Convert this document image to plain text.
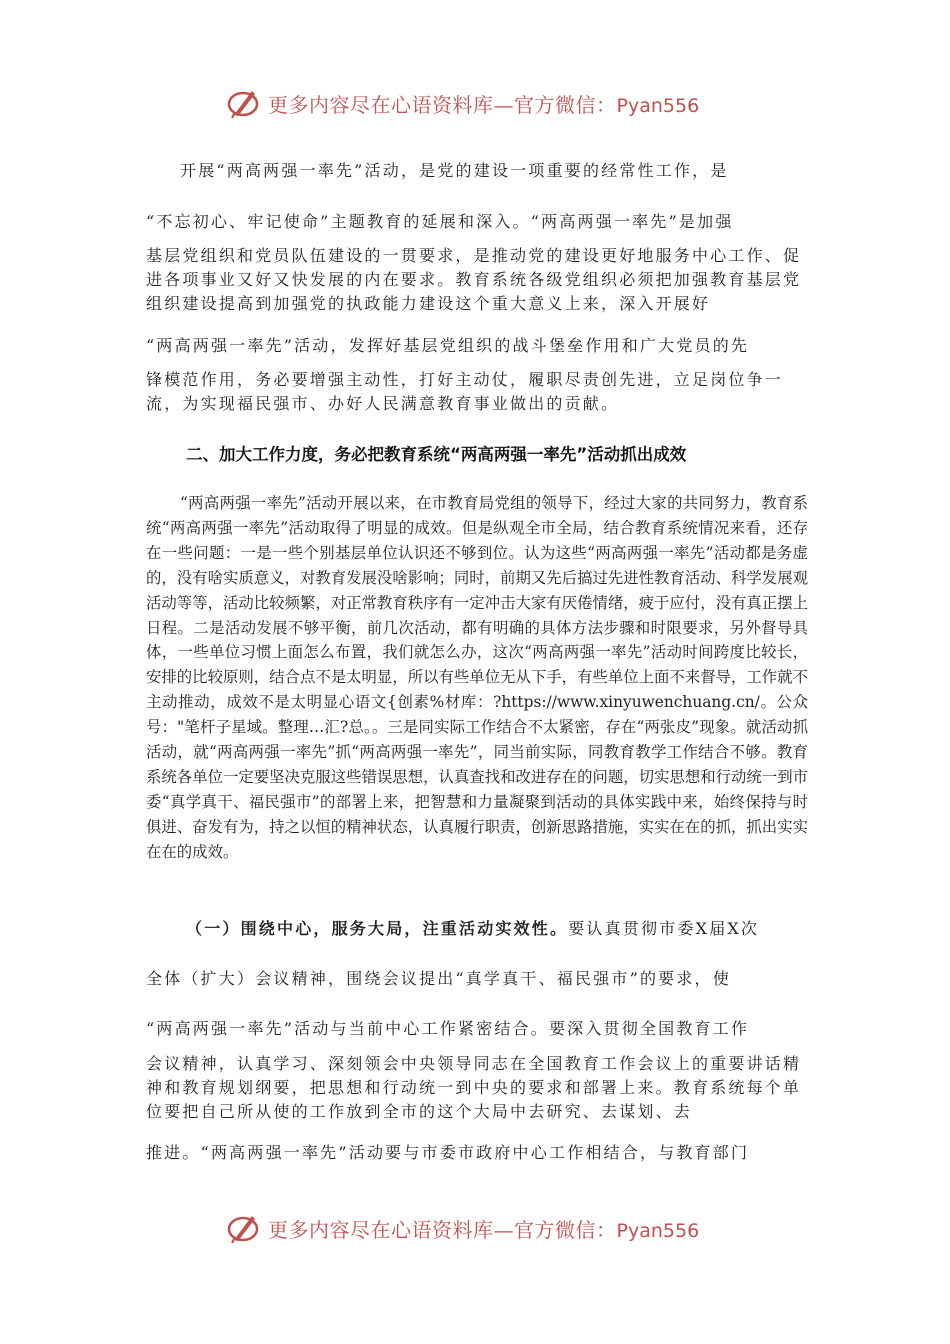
更多内容尽在心语资料库—官方微信：Pyan556

开展“两高两强一率先”活动，是党的建设一项重要的经常性工作，是

“不忘初心、牢记使命”主题教育的延展和深入。“两高两强一率先”是加强

基层党组织和党员队伍建设的一贯要求，是推动党的建设更好地服务中心工作、促进各项事业又好又快发展的内在要求。教育系统各级党组织必须把加强教育基层党组织建设提高到加强党的执政能力建设这个重大意义上来，深入开展好

“两高两强一率先”活动，发挥好基层党组织的战斗堡垒作用和广大党员的先

锋模范作用，务必要增强主动性，打好主动仗，履职尽责创先进，立足岗位争一流，为实现福民强市、办好人民满意教育事业做出的贡献。

二、加大工作力度，务必把教育系统“两高两强一率先”活动抓出成效

“两高两强一率先”活动开展以来，在市教育局党组的领导下，经过大家的共同努力，教育系统“两高两强一率先”活动取得了明显的成效。但是纵观全市全局，结合教育系统情况来看，还存在一些问题：一是一些个别基层单位认识还不够到位。认为这些“两高两强一率先”活动都是务虚的，没有啥实质意义，对教育发展没啥影响；同时，前期又先后搞过先进性教育活动、科学发展观活动等等，活动比较频繁，对正常教育秩序有一定冲击大家有厌倦情绪，疲于应付，没有真正摆上日程。二是活动发展不够平衡，前几次活动，都有明确的具体方法步骤和时限要求，另外督导具体，一些单位习惯上面怎么布置，我们就怎么办，这次“两高两强一率先”活动时间跨度比较长，安排的比较原则，结合点不是太明显，所以有些单位无从下手，有些单位上面不来督导，工作就不主动推动，成效不是太明显心语文{创素%材库：?https://www.xinyuwenchuang.cn/。公众号："笔杆子星域。整理…汇?总。。三是同实际工作结合不太紧密，存在“两张皮”现象。就活动抓活动，就“两高两强一率先”抓“两高两强一率先”，同当前实际，同教育教学工作结合不够。教育系统各单位一定要坚决克服这些错误思想，认真查找和改进存在的问题，切实思想和行动统一到市委“真学真干、福民强市”的部署上来，把智慧和力量凝聚到活动的具体实践中来，始终保持与时俱进、奋发有为，持之以恒的精神状态，认真履行职责，创新思路措施，实实在在的抓，抓出实实在在的成效。

（一）围绕中心，服务大局，注重活动实效性。要认真贯彻市委Ⅹ届Ⅹ次

全体（扩大）会议精神，围绕会议提出“真学真干、福民强市”的要求，使

“两高两强一率先”活动与当前中心工作紧密结合。要深入贯彻全国教育工作

会议精神，认真学习、深刻领会中央领导同志在全国教育工作会议上的重要讲话精神和教育规划纲要，把思想和行动统一到中央的要求和部署上来。教育系统每个单位要把自己所从使的工作放到全市的这个大局中去研究、去谋划、去

推进。“两高两强一率先”活动要与市委市政府中心工作相结合，与教育部门

更多内容尽在心语资料库—官方微信：Pyan556
